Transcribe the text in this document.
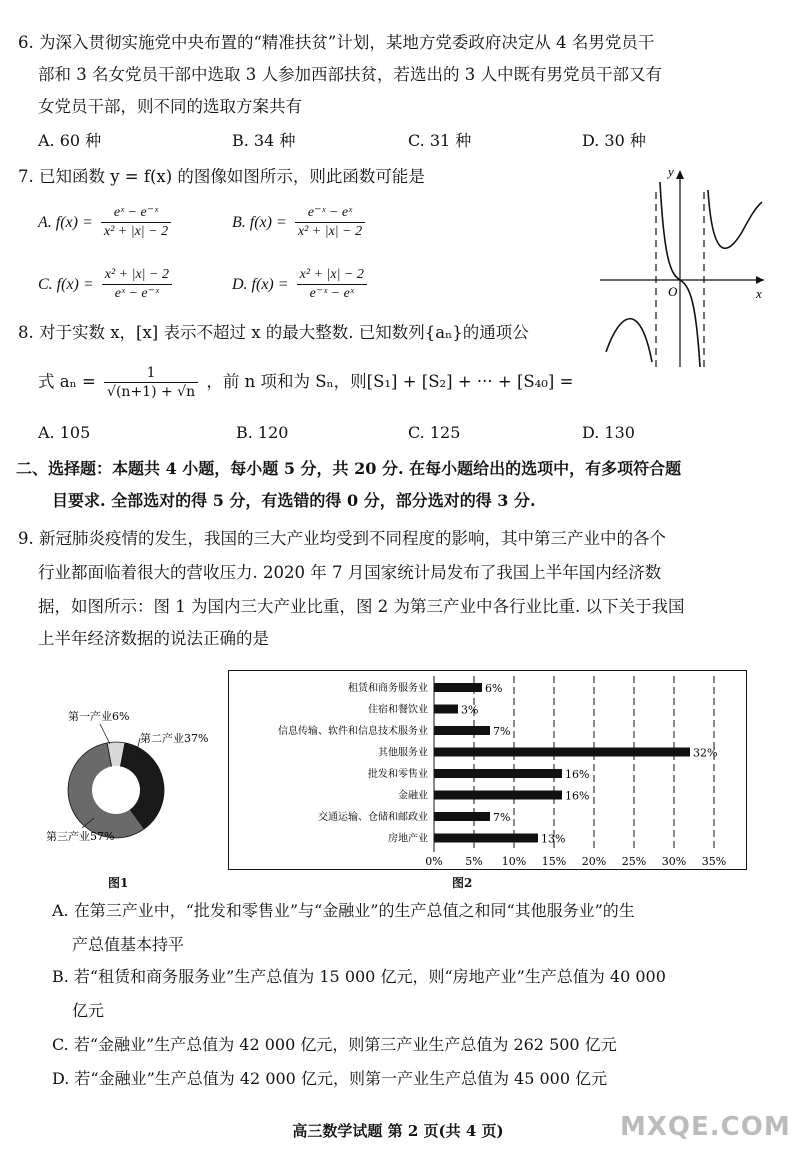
6. 为深入贯彻实施党中央布置的“精准扶贫”计划，某地方党委政府决定从 4 名男党员干
部和 3 名女党员干部中选取 3 人参加西部扶贫，若选出的 3 人中既有男党员干部又有
女党员干部，则不同的选取方案共有
A. 60 种	B. 34 种	C. 31 种	D. 30 种
7. 已知函数 y = f(x) 的图像如图所示，则此函数可能是
A. $f(x) = \frac{\text{eˣ − e⁻ˣ}}{\text{x² + |x| − 2}}$	B. $f(x) = \frac{\text{e⁻ˣ − eˣ}}{\text{x² + |x| − 2}}$
C. $f(x) = \frac{\text{x² + |x| − 2}}{\text{eˣ − e⁻ˣ}}$	D. $f(x) = \frac{\text{x² + |x| − 2}}{\text{e⁻ˣ − eˣ}}$
y
x
O
8. 对于实数 x，[x] 表示不超过 x 的最大整数. 已知数列{aₙ}的通项公
式 $a_n = \frac{1}{√(n+1) + √n}$ ，前 n 项和为 Sₙ，则[S₁] + [S₂] + ··· + [S₄₀] =
A. 105	B. 120	C. 125	D. 130
二、选择题：本题共 4 小题，每小题 5 分，共 20 分. 在每小题给出的选项中，有多项符合题
目要求. 全部选对的得 5 分，有选错的得 0 分，部分选对的得 3 分.
9. 新冠肺炎疫情的发生，我国的三大产业均受到不同程度的影响，其中第三产业中的各个
行业都面临着很大的营收压力. 2020 年 7 月国家统计局发布了我国上半年国内经济数
据，如图所示：图 1 为国内三大产业比重，图 2 为第三产业中各行业比重. 以下关于我国
上半年经济数据的说法正确的是
第一产业6%
第二产业37%
第三产业57%
图1
租赁和商务服务业
住宿和餐饮业
信息传输、软件和信息技术服务业
其他服务业
批发和零售业
金融业
交通运输、仓储和邮政业
房地产业
6%
3%
7%
32%
16%
16%
7%
13%
0% 5% 10% 15% 20% 25% 30% 35%
图2
A. 在第三产业中，“批发和零售业”与“金融业”的生产总值之和同“其他服务业”的生
产总值基本持平
B. 若“租赁和商务服务业”生产总值为 15 000 亿元，则“房地产业”生产总值为 40 000
亿元
C. 若“金融业”生产总值为 42 000 亿元，则第三产业生产总值为 262 500 亿元
D. 若“金融业”生产总值为 42 000 亿元，则第一产业生产总值为 45 000 亿元
高三数学试题 第 2 页(共 4 页)	MXQE.COM
